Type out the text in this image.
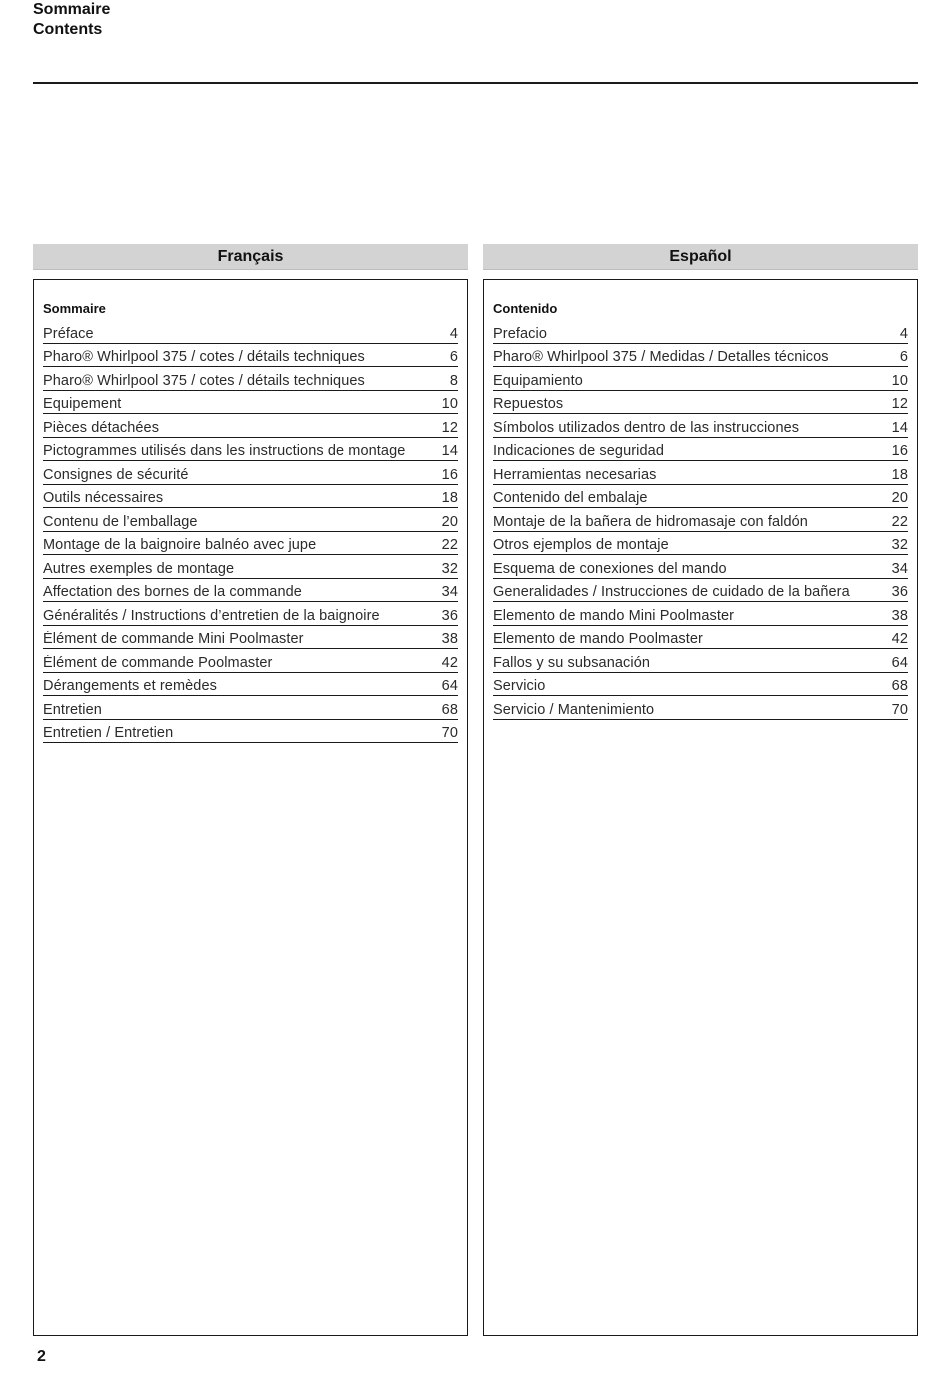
Sommaire
Contents
Français
Sommaire
Préface	4
Pharo® Whirlpool 375 / cotes / détails techniques	6
Pharo® Whirlpool 375 / cotes / détails techniques	8
Equipement	10
Pièces détachées	12
Pictogrammes utilisés dans les instructions de montage	14
Consignes de sécurité	16
Outils nécessaires	18
Contenu de l’emballage	20
Montage de la baignoire balnéo avec jupe	22
Autres exemples de montage	32
Affectation des bornes de la commande	34
Généralités / Instructions d’entretien de la baignoire	36
Élément de commande Mini Poolmaster	38
Élément de commande Poolmaster	42
Dérangements et remèdes	64
Entretien	68
Entretien / Entretien	70
Español
Contenido
Prefacio	4
Pharo® Whirlpool 375 / Medidas / Detalles técnicos	6
Equipamiento	10
Repuestos	12
Símbolos utilizados dentro de las instrucciones	14
Indicaciones de seguridad	16
Herramientas necesarias	18
Contenido del embalaje	20
Montaje de la bañera de hidromasaje con faldón	22
Otros ejemplos de montaje	32
Esquema de conexiones del mando	34
Generalidades / Instrucciones de cuidado de la bañera	36
Elemento de mando Mini Poolmaster	38
Elemento de mando Poolmaster	42
Fallos y su subsanación	64
Servicio	68
Servicio / Mantenimiento	70
2
